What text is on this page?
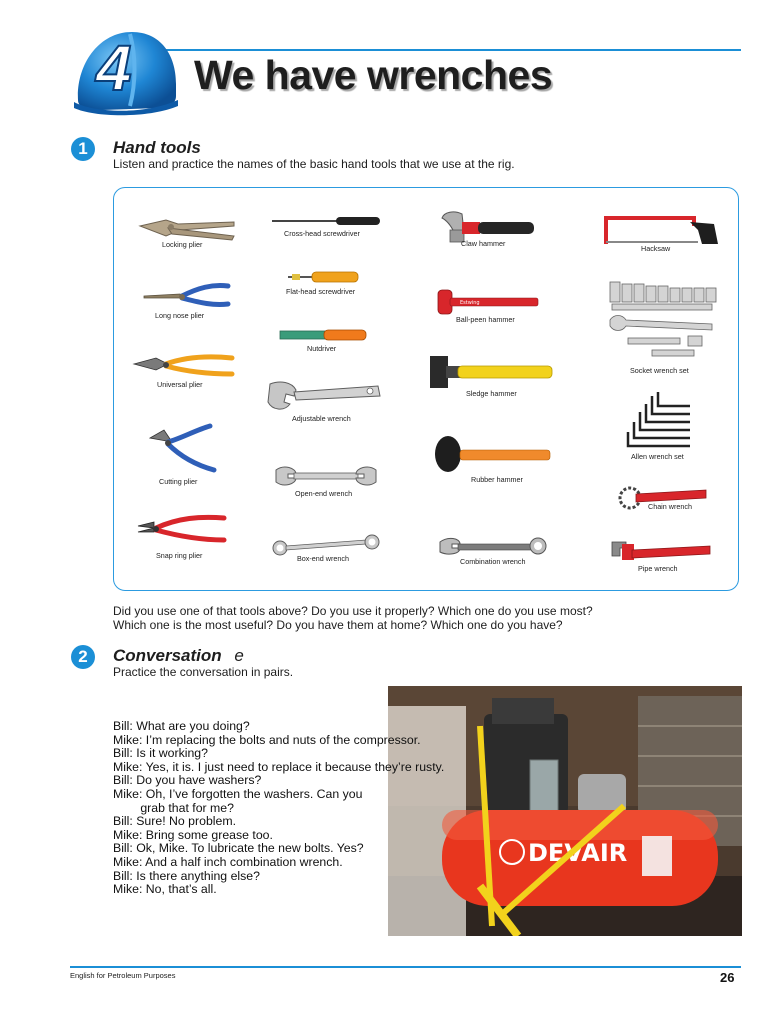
4 We have wrenches
1	Hand tools
Listen and practice the names of the basic hand tools that we use at the rig.
Locking plier
Long nose plier
Universal plier
Cutting plier
Snap ring plier
Cross-head screwdriver
Flat-head screwdriver
Nutdriver
Adjustable wrench
Open-end wrench
Box-end wrench
Claw hammer
Estwing
Ball-peen hammer
Sledge hammer
Rubber hammer
Combination wrench
Hacksaw
Socket wrench set
Allen wrench set
Chain wrench
Pipe wrench
Did you use one of that tools above? Do you use it properly? Which one do you use most?
Which one is the most useful? Do you have them at home? Which one do you have?
2	Conversation e
Practice the conversation in pairs.
DEVAIR
Bill: What are you doing?
Mike: I’m replacing the bolts and nuts of the compressor.
Bill: Is it working?
Mike: Yes, it is. I just need to replace it because they’re rusty.
Bill: Do you have washers?
Mike: Oh, I’ve forgotten the washers. Can you
grab that for me?
Bill: Sure! No problem.
Mike: Bring some grease too.
Bill: Ok, Mike. To lubricate the new bolts. Yes?
Mike: And a half inch combination wrench.
Bill: Is there anything else?
Mike: No, that’s all.
English for Petroleum Purposes	26
